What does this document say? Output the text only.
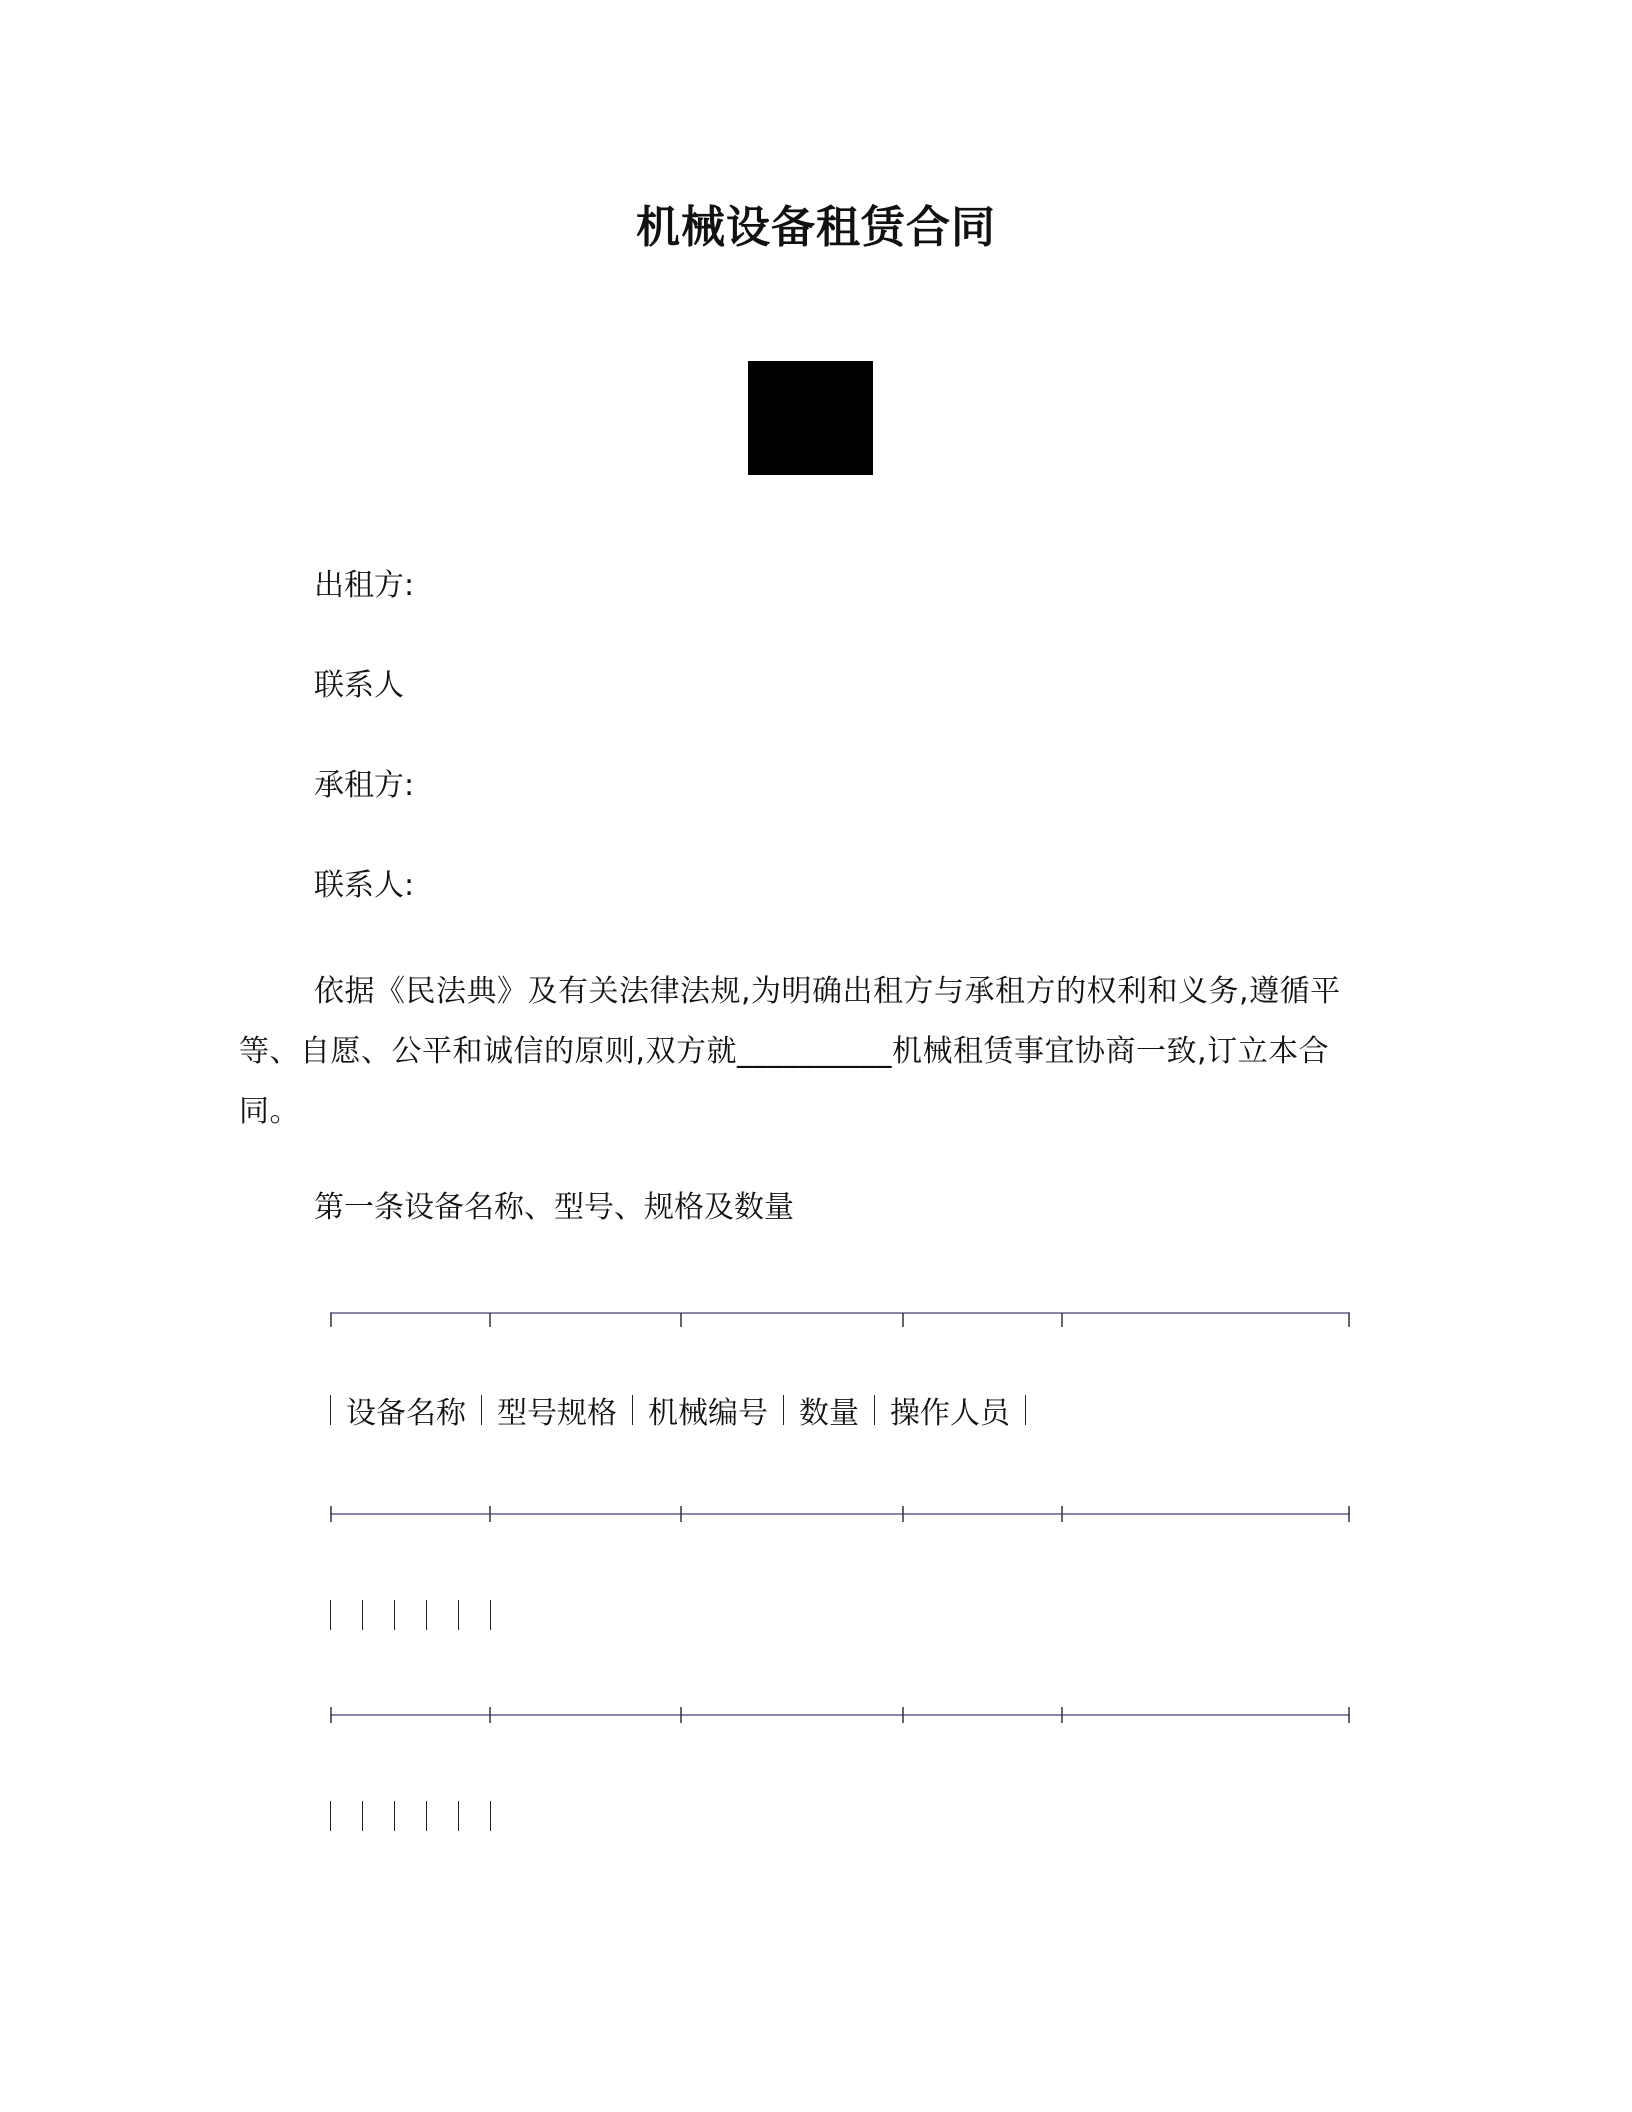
机械设备租赁合同
出租方:
联系人
承租方:
联系人:
依据《民法典》及有关法律法规,为明确出租方与承租方的权利和义务,遵循平等、自愿、公平和诚信的原则,双方就__________机械租赁事宜协商一致,订立本合同。
第一条设备名称、型号、规格及数量
设备名称 型号规格 机械编号 数量 操作人员
